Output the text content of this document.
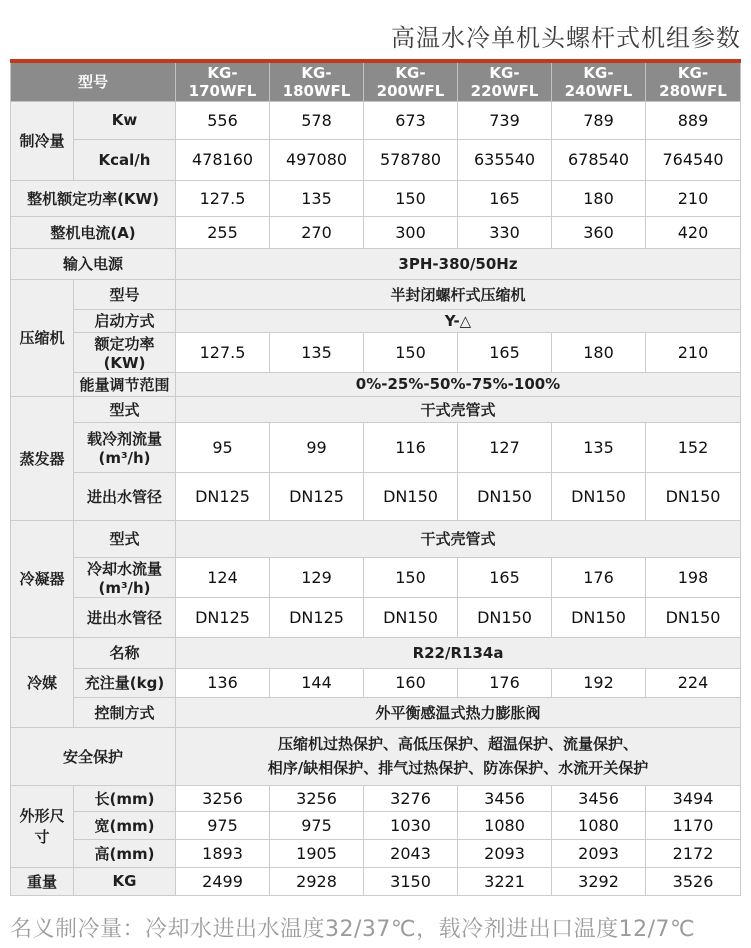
高温水冷单机头螺杆式机组参数
型号		KG-170WFL	KG-180WFL	KG-200WFL	KG-220WFL	KG-240WFL	KG-280WFL
制冷量	Kw	556	578	673	739	789	889
	Kcal/h	478160	497080	578780	635540	678540	764540
整机额定功率(KW)		127.5	135	150	165	180	210
整机电流(A)		255	270	300	330	360	420
输入电源		3PH-380/50Hz					
压缩机	型号	半封闭螺杆式压缩机					
	启动方式	Y-△					
	额定功率(KW)	127.5	135	150	165	180	210
	能量调节范围	0%-25%-50%-75%-100%					
蒸发器	型式	干式壳管式					
	载冷剂流量(m³/h)	95	99	116	127	135	152
	进出水管径	DN125	DN125	DN150	DN150	DN150	DN150
冷凝器	型式	干式壳管式					
	冷却水流量(m³/h)	124	129	150	165	176	198
	进出水管径	DN125	DN125	DN150	DN150	DN150	DN150
冷媒	名称	R22/R134a					
	充注量(kg)	136	144	160	176	192	224
	控制方式	外平衡感温式热力膨胀阀					
安全保护		压缩机过热保护、高低压保护、超温保护、流量保护、
相序/缺相保护、排气过热保护、防冻保护、水流开关保护					
外形尺寸	长(mm)	3256	3256	3276	3456	3456	3494
	宽(mm)	975	975	1030	1080	1080	1170
	高(mm)	1893	1905	2043	2093	2093	2172
重量	KG	2499	2928	3150	3221	3292	3526

名义制冷量：冷却水进出水温度32/37℃，载冷剂进出口温度12/7℃
